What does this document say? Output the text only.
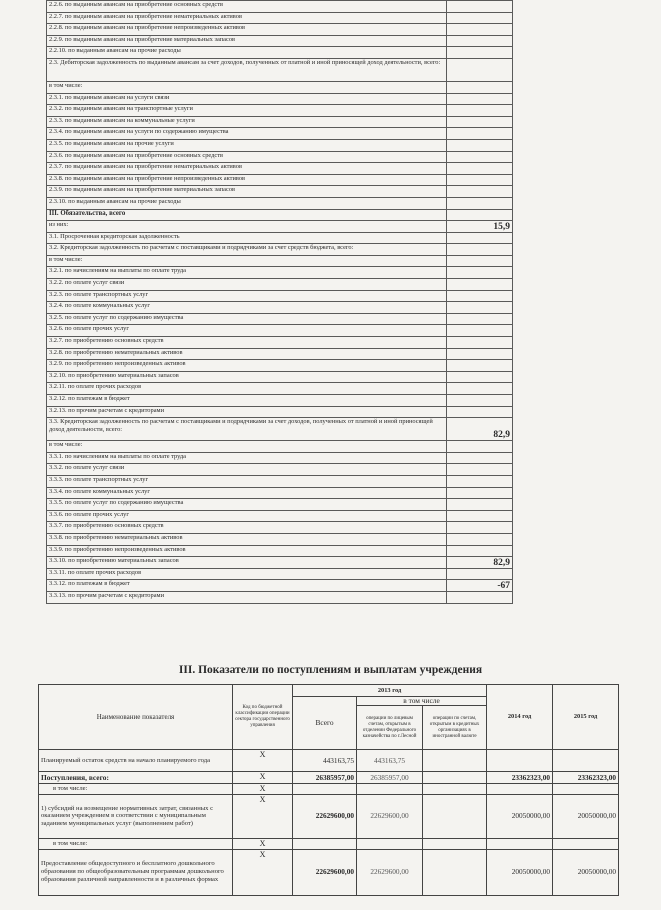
2.2.6. по выданным авансам на приобретение основных средств	
2.2.7. по выданным авансам на приобретение нематериальных активов	
2.2.8. по выданным авансам на приобретение непроизведенных активов	
2.2.9. по выданным авансам на приобретение материальных запасов	
2.2.10. по выданным авансам на прочие расходы	
2.3. Дебиторская задолженность по выданным авансам за счет доходов, полученных от платной и иной приносящей доход деятельности, всего:	
в том числе:	
2.3.1. по выданным авансам на услуги связи	
2.3.2. по выданным авансам на транспортные услуги	
2.3.3. по выданным авансам на коммунальные услуги	
2.3.4. по выданным авансам на услуги по содержанию имущества	
2.3.5. по выданным авансам на прочие услуги	
2.3.6. по выданным авансам на приобретение основных средств	
2.3.7. по выданным авансам на приобретение нематериальных активов	
2.3.8. по выданным авансам на приобретение непроизведенных активов	
2.3.9. по выданным авансам на приобретение материальных запасов	
2.3.10. по выданным авансам на прочие расходы	
III. Обязательства, всего	
из них:	15,9
3.1. Просроченная кредиторская задолженность	
3.2. Кредиторская задолженность по расчетам с поставщиками и подрядчиками за счет средств бюджета, всего:	
в том числе:	
3.2.1. по начислениям на выплаты по оплате труда	
3.2.2. по оплате услуг связи	
3.2.3. по оплате транспортных услуг	
3.2.4. по оплате коммунальных услуг	
3.2.5. по оплате услуг по содержанию имущества	
3.2.6. по оплате прочих услуг	
3.2.7. по приобретению основных средств	
3.2.8. по приобретению нематериальных активов	
3.2.9. по приобретению непроизведенных активов	
3.2.10. по приобретению материальных запасов	
3.2.11. по оплате прочих расходов	
3.2.12. по платежам в бюджет	
3.2.13. по прочим расчетам с кредиторами	
3.3. Кредиторская задолженность по расчетам с поставщиками и подрядчиками за счет доходов, полученных от платной и иной приносящей доход деятельности, всего:	82,9
в том числе:	
3.3.1. по начислениям на выплаты по оплате труда	
3.3.2. по оплате услуг связи	
3.3.3. по оплате транспортных услуг	
3.3.4. по оплате коммунальных услуг	
3.3.5. по оплате услуг по содержанию имущества	
3.3.6. по оплате прочих услуг	
3.3.7. по приобретению основных средств	
3.3.8. по приобретению нематериальных активов	
3.3.9. по приобретению непроизведенных активов	
3.3.10. по приобретению материальных запасов	82,9
3.3.11. по оплате прочих расходов	
3.3.12. по платежам в бюджет	-67
3.3.13. по прочим расчетам с кредиторами	
III. Показатели по поступлениям и выплатам учреждения
Наименование показателя	Код по бюджетной классификации операции сектора государственного управления	2013 год			2014 год	2015 год
		Всего	в том числе			
			операции по лицевым счетам, открытым в отделении Федерального казначейства по г.Лесной	операции по счетам, открытым в кредитных организациях в иностранной валюте		
Планируемый остаток средств на начало планируемого года	X	443163,75	443163,75			
Поступления, всего:	X	26385957,00	26385957,00		23362323,00	23362323,00
в том числе:	X					
1) субсидий на возмещение нормативных затрат, связанных с оказанием учреждением в соответствии с муниципальным заданием муниципальных услуг (выполнением работ)	X	22629600,00	22629600,00		20050000,00	20050000,00
в том числе:	X					
Предоставление общедоступного и бесплатного дошкольного образования по общеобразовательным программам дошкольного образования различной направленности и в различных формах	X	22629600,00	22629600,00		20050000,00	20050000,00
